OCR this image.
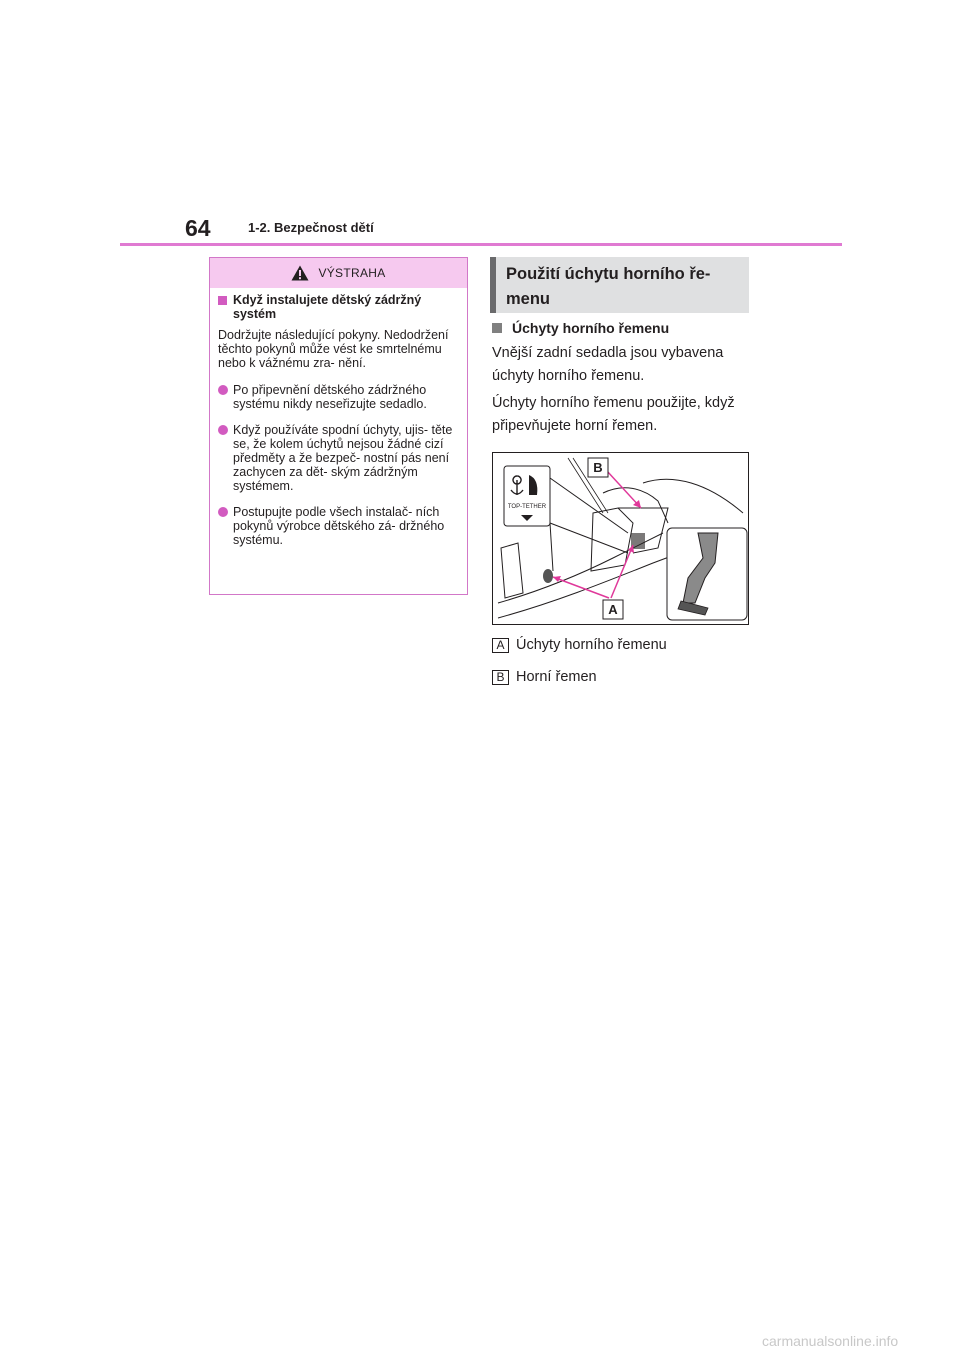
64	1-2. Bezpečnost dětí
VÝSTRAHA
Když instalujete dětský zádržný systém
Dodržujte následující pokyny. Nedodržení těchto pokynů může vést ke smrtelnému nebo k vážnému zra- nění.
Po připevnění dětského zádržného systému nikdy neseřizujte sedadlo.
Když používáte spodní úchyty, ujis- těte se, že kolem úchytů nejsou žádné cizí předměty a že bezpeč- nostní pás není zachycen za dět- ským zádržným systémem.
Postupujte podle všech instalač- ních pokynů výrobce dětského zá- držného systému.
Použití úchytu horního ře- menu
Úchyty horního řemenu
Vnější zadní sedadla jsou vybavena úchyty horního řemenu.
Úchyty horního řemenu použijte, když připevňujete horní řemen.
TOP-TETHER
B
A
A Úchyty horního řemenu
B Horní řemen
carmanualsonline.info
